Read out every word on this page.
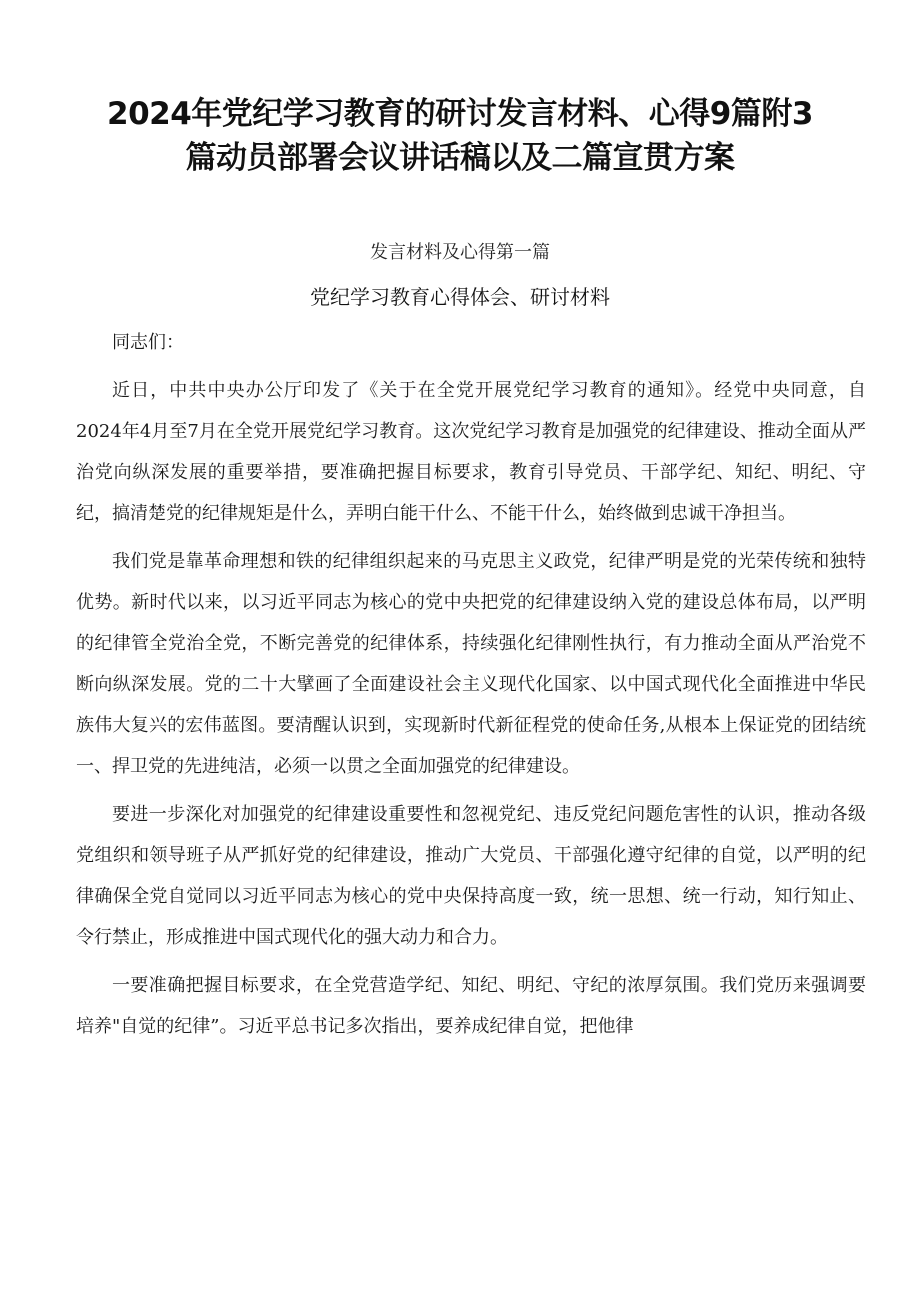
2024年党纪学习教育的研讨发言材料、心得9篇附3
篇动员部署会议讲话稿以及二篇宣贯方案
发言材料及心得第一篇
党纪学习教育心得体会、研讨材料

同志们：

近日，中共中央办公厅印发了《关于在全党开展党纪学习教育的通知》。经党中央同意，自2024年4月至7月在全党开展党纪学习教育。这次党纪学习教育是加强党的纪律建设、推动全面从严治党向纵深发展的重要举措，要准确把握目标要求，教育引导党员、干部学纪、知纪、明纪、守纪，搞清楚党的纪律规矩是什么，弄明白能干什么、不能干什么，始终做到忠诚干净担当。

我们党是靠革命理想和铁的纪律组织起来的马克思主义政党，纪律严明是党的光荣传统和独特优势。新时代以来，以习近平同志为核心的党中央把党的纪律建设纳入党的建设总体布局，以严明的纪律管全党治全党，不断完善党的纪律体系，持续强化纪律刚性执行，有力推动全面从严治党不断向纵深发展。党的二十大擘画了全面建设社会主义现代化国家、以中国式现代化全面推进中华民族伟大复兴的宏伟蓝图。要清醒认识到，实现新时代新征程党的使命任务,从根本上保证党的团结统一、捍卫党的先进纯洁，必须一以贯之全面加强党的纪律建设。

要进一步深化对加强党的纪律建设重要性和忽视党纪、违反党纪问题危害性的认识，推动各级党组织和领导班子从严抓好党的纪律建设，推动广大党员、干部强化遵守纪律的自觉，以严明的纪律确保全党自觉同以习近平同志为核心的党中央保持高度一致，统一思想、统一行动，知行知止、令行禁止，形成推进中国式现代化的强大动力和合力。

一要准确把握目标要求，在全党营造学纪、知纪、明纪、守纪的浓厚氛围。我们党历来强调要培养"自觉的纪律”。习近平总书记多次指出，要养成纪律自觉，把他律
